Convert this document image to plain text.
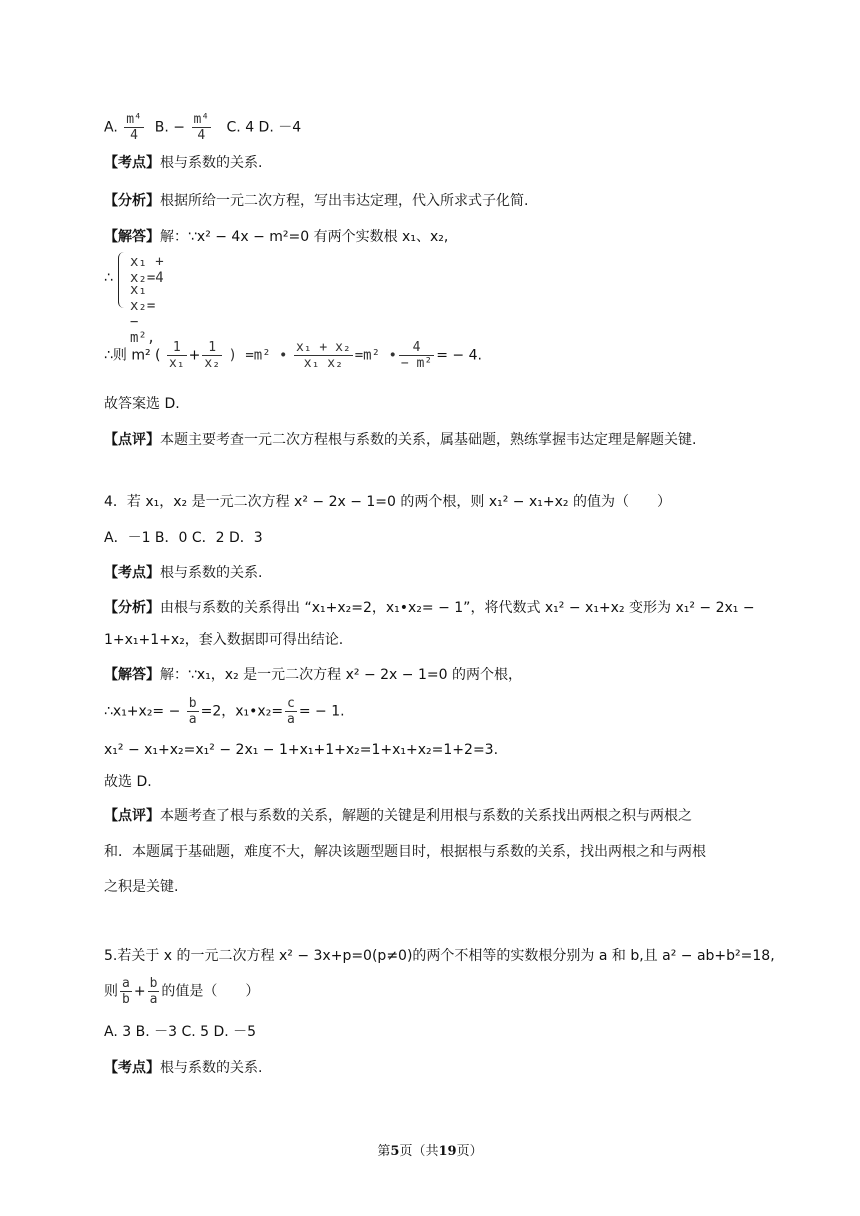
A. $\frac{\text{m⁴}}{4} B$. − $\frac{\text{m⁴}}{4} C$. 4 D. －4
【考点】根与系数的关系.
【分析】根据所给一元二次方程，写出韦达定理，代入所求式子化简.
【解答】解：∵x² − 4x − m²=0 有两个实数根 x₁、x₂,
∴
x₁ + x₂=4
x₁ x₂= − m²,
∴则 m² ( $\frac{1}{\text{x₁}} + \frac{1}{\text{x₂}}$ ) =m² • $\frac{\text{x₁ + x₂}}{\text{x₁ x₂}} =m^2$ • $\frac{4}{\text{− m²}}$ = − 4.
故答案选 D.
【点评】本题主要考查一元二次方程根与系数的关系，属基础题，熟练掌握韦达定理是解题关键.
4．若 x₁，x₂ 是一元二次方程 x² − 2x − 1=0 的两个根，则 x₁² − x₁+x₂ 的值为（　　）
A．－1 B．0 C．2 D．3
【考点】根与系数的关系.
【分析】由根与系数的关系得出 “x₁+x₂=2，x₁•x₂= − 1”，将代数式 x₁² − x₁+x₂ 变形为 x₁² − 2x₁ −
1+x₁+1+x₂，套入数据即可得出结论.
【解答】解：∵x₁，x₂ 是一元二次方程 x² − 2x − 1=0 的两个根，
∴x₁+x₂= − $\frac{b}{a} =2$，x₁•x₂= $\frac{c}{a}$ = − 1.
x₁² − x₁+x₂=x₁² − 2x₁ − 1+x₁+1+x₂=1+x₁+x₂=1+2=3.
故选 D.
【点评】本题考查了根与系数的关系，解题的关键是利用根与系数的关系找出两根之积与两根之
和．本题属于基础题，难度不大，解决该题型题目时，根据根与系数的关系，找出两根之和与两根
之积是关键.
5.若关于 x 的一元二次方程 x² − 3x+p=0(p≠0)的两个不相等的实数根分别为 a 和 b,且 a² − ab+b²=18,
则 $\frac{a}{b} + \frac{b}{a}$ 的值是（　　）
A. 3 B. －3 C. 5 D. －5
【考点】根与系数的关系.
第5页（共19页）
